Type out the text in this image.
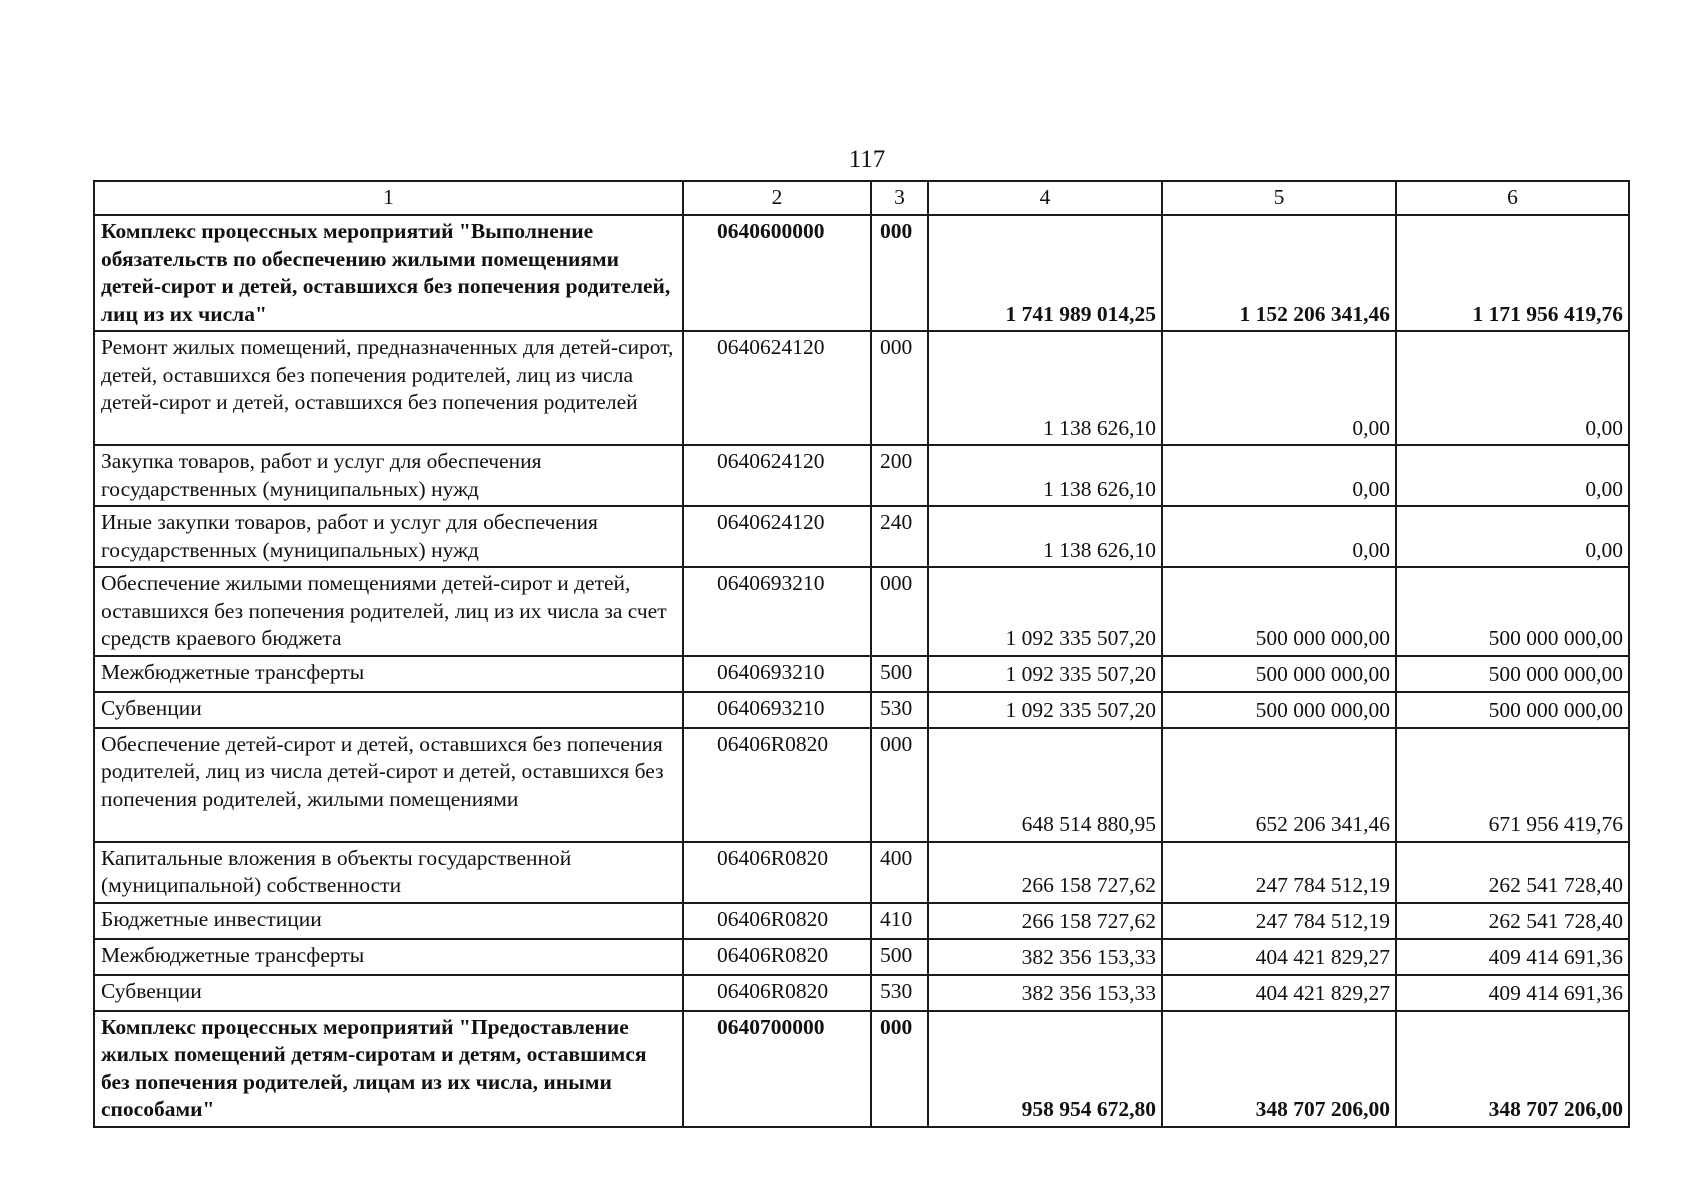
117
1	2	3	4	5	6
Комплекс процессных мероприятий "Выполнение обязательств по обеспечению жилыми помещениями детей-сирот и детей, оставшихся без попечения родителей, лиц из их числа"	0640600000	000	1 741 989 014,25	1 152 206 341,46	1 171 956 419,76
Ремонт жилых помещений, предназначенных для детей-сирот, детей, оставшихся без попечения родителей, лиц из числа детей-сирот и детей, оставшихся без попечения родителей	0640624120	000	1 138 626,10	0,00	0,00
Закупка товаров, работ и услуг для обеспечения государственных (муниципальных) нужд	0640624120	200	1 138 626,10	0,00	0,00
Иные закупки товаров, работ и услуг для обеспечения государственных (муниципальных) нужд	0640624120	240	1 138 626,10	0,00	0,00
Обеспечение жилыми помещениями детей-сирот и детей, оставшихся без попечения родителей, лиц из их числа за счет средств краевого бюджета	0640693210	000	1 092 335 507,20	500 000 000,00	500 000 000,00
Межбюджетные трансферты	0640693210	500	1 092 335 507,20	500 000 000,00	500 000 000,00
Субвенции	0640693210	530	1 092 335 507,20	500 000 000,00	500 000 000,00
Обеспечение детей-сирот и детей, оставшихся без попечения родителей, лиц из числа детей-сирот и детей, оставшихся без попечения родителей, жилыми помещениями	06406R0820	000	648 514 880,95	652 206 341,46	671 956 419,76
Капитальные вложения в объекты государственной (муниципальной) собственности	06406R0820	400	266 158 727,62	247 784 512,19	262 541 728,40
Бюджетные инвестиции	06406R0820	410	266 158 727,62	247 784 512,19	262 541 728,40
Межбюджетные трансферты	06406R0820	500	382 356 153,33	404 421 829,27	409 414 691,36
Субвенции	06406R0820	530	382 356 153,33	404 421 829,27	409 414 691,36
Комплекс процессных мероприятий "Предоставление жилых помещений детям-сиротам и детям, оставшимся без попечения родителей, лицам из их числа, иными способами"	0640700000	000	958 954 672,80	348 707 206,00	348 707 206,00
